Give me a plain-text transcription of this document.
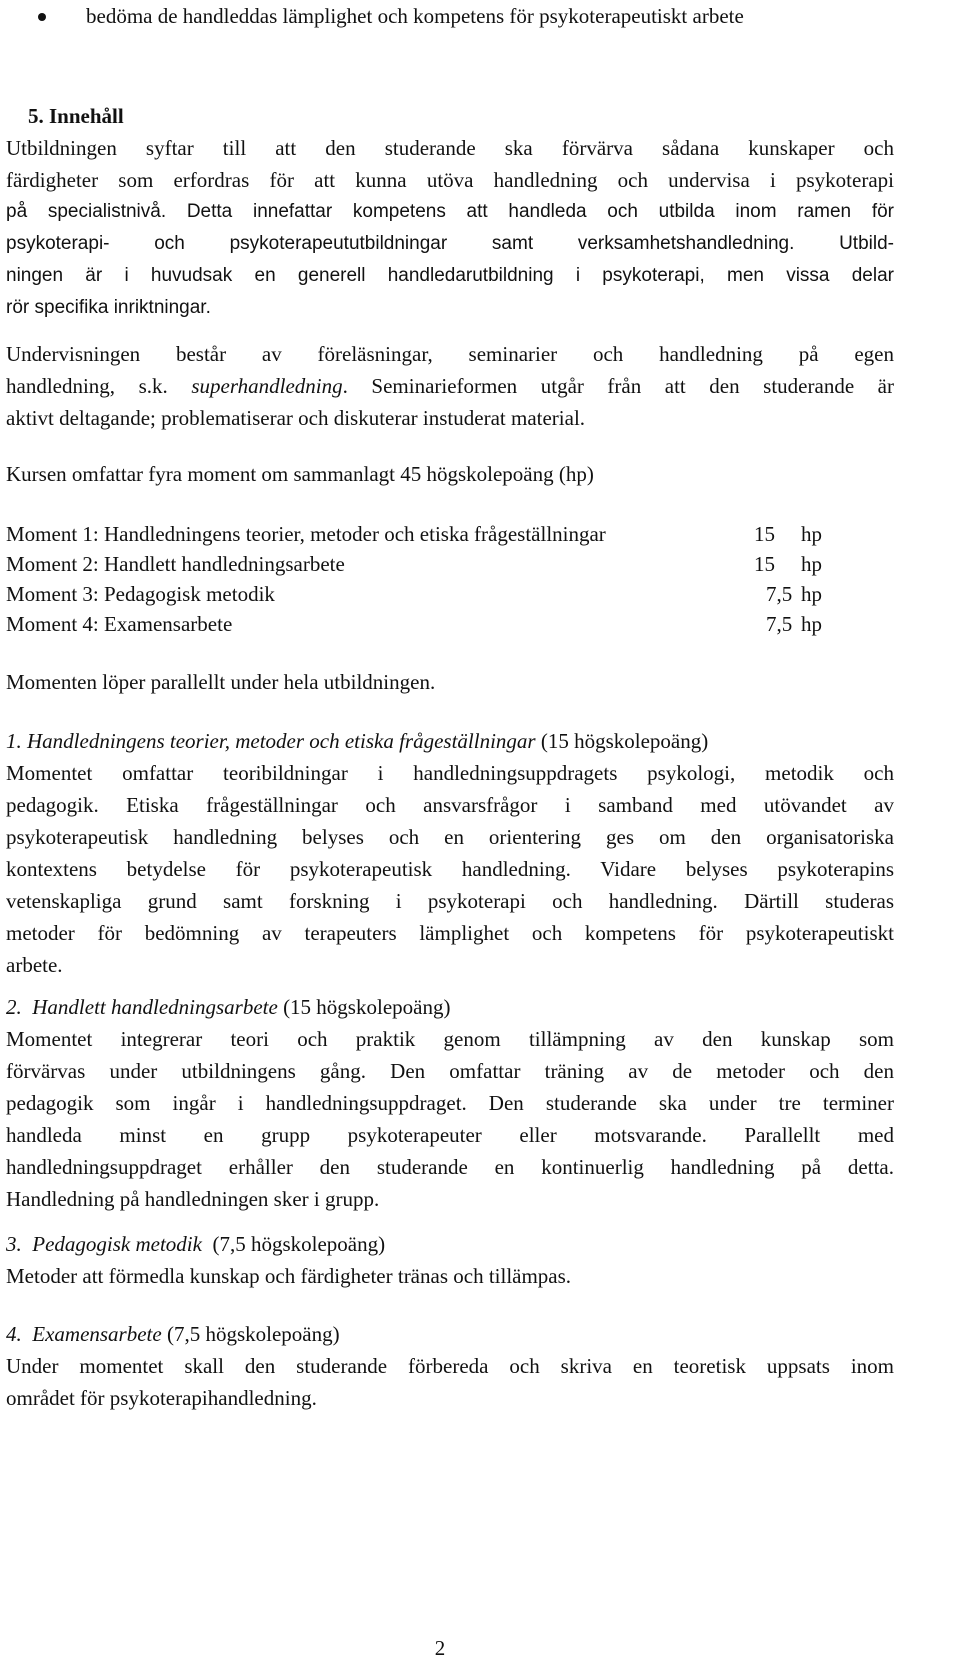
bedöma de handleddas lämplighet och kompetens för psykoterapeutiskt arbete
5. Innehåll
Utbildningen syftar till att den studerande ska förvärva sådana kunskaper och
färdigheter som erfordras för att kunna utöva handledning och undervisa i psykoterapi
på specialistnivå. Detta innefattar kompetens att handleda och utbilda inom ramen för
psykoterapi- och psykoterapeututbildningar samt verksamhetshandledning. Utbild-
ningen är i huvudsak en generell handledarutbildning i psykoterapi, men vissa delar
rör specifika inriktningar.
Undervisningen består av föreläsningar, seminarier och handledning på egen
handledning, s.k. superhandledning. Seminarieformen utgår från att den studerande är
aktivt deltagande; problematiserar och diskuterar instuderat material.
Kursen omfattar fyra moment om sammanlagt 45 högskolepoäng (hp)
Moment 1: Handledningens teorier, metoder och etiska frågeställningar	15 hp
Moment 2: Handlett handledningsarbete	15 hp
Moment 3: Pedagogisk metodik	7,5 hp
Moment 4: Examensarbete	7,5 hp
Momenten löper parallellt under hela utbildningen.
1. Handledningens teorier, metoder och etiska frågeställningar (15 högskolepoäng)
Momentet omfattar teoribildningar i handledningsuppdragets psykologi, metodik och
pedagogik. Etiska frågeställningar och ansvarsfrågor i samband med utövandet av
psykoterapeutisk handledning belyses och en orientering ges om den organisatoriska
kontextens betydelse för psykoterapeutisk handledning. Vidare belyses psykoterapins
vetenskapliga grund samt forskning i psykoterapi och handledning. Därtill studeras
metoder för bedömning av terapeuters lämplighet och kompetens för psykoterapeutiskt
arbete.
2. Handlett handledningsarbete (15 högskolepoäng)
Momentet integrerar teori och praktik genom tillämpning av den kunskap som
förvärvas under utbildningens gång. Den omfattar träning av de metoder och den
pedagogik som ingår i handledningsuppdraget. Den studerande ska under tre terminer
handleda minst en grupp psykoterapeuter eller motsvarande. Parallellt med
handledningsuppdraget erhåller den studerande en kontinuerlig handledning på detta.
Handledning på handledningen sker i grupp.
3. Pedagogisk metodik (7,5 högskolepoäng)
Metoder att förmedla kunskap och färdigheter tränas och tillämpas.
4. Examensarbete (7,5 högskolepoäng)
Under momentet skall den studerande förbereda och skriva en teoretisk uppsats inom
området för psykoterapihandledning.
2
